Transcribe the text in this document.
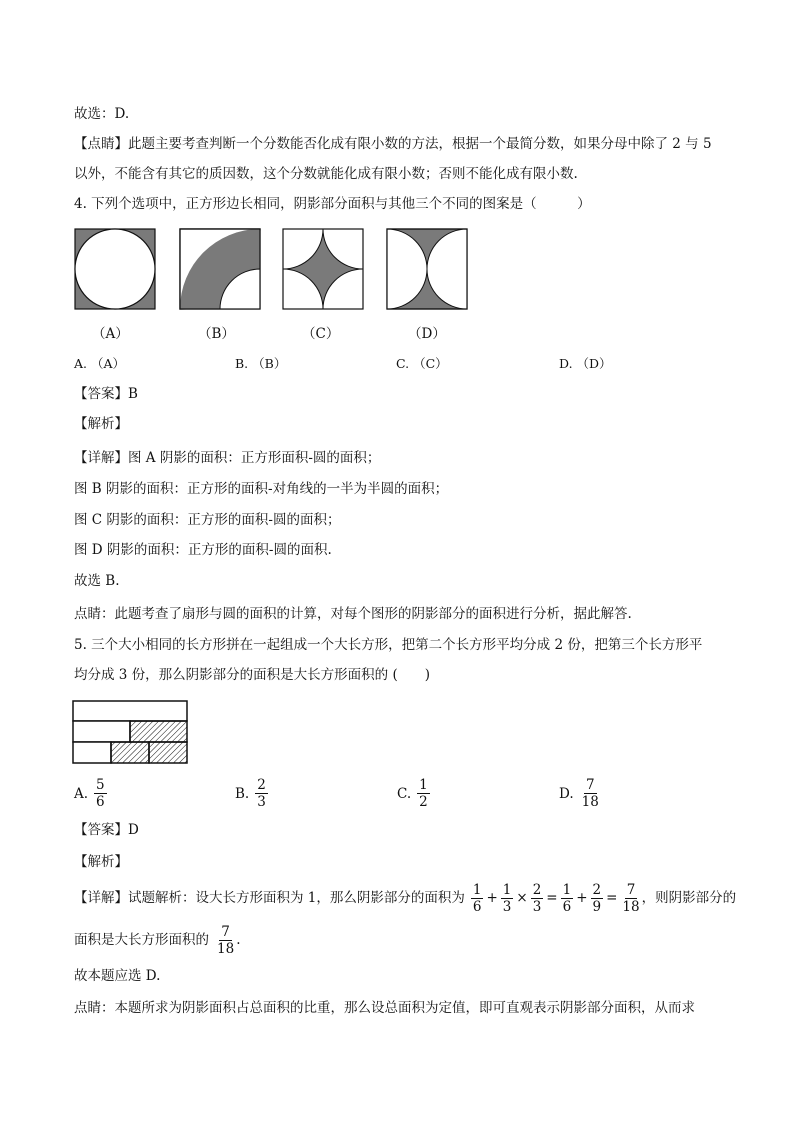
故选：D.
【点睛】此题主要考查判断一个分数能否化成有限小数的方法，根据一个最简分数，如果分母中除了 2 与 5
以外，不能含有其它的质因数，这个分数就能化成有限小数；否则不能化成有限小数.
4. 下列个选项中，正方形边长相同，阴影部分面积与其他三个不同的图案是（　　　）
（A）	（B）	（C）	（D）
A. （A）	B. （B）	C. （C）	D. （D）
【答案】B
【解析】
【详解】图 A 阴影的面积：正方形面积-圆的面积；
图 B 阴影的面积：正方形的面积-对角线的一半为半圆的面积；
图 C 阴影的面积：正方形的面积-圆的面积；
图 D 阴影的面积：正方形的面积-圆的面积.
故选 B.
点睛：此题考查了扇形与圆的面积的计算，对每个图形的阴影部分的面积进行分析，据此解答.
5. 三个大小相同的长方形拼在一起组成一个大长方形，把第二个长方形平均分成 2 份，把第三个长方形平
均分成 3 份，那么阴影部分的面积是大长方形面积的 (　　)
A. $\frac{5}{6}$	B. $\frac{2}{3}$	C. $\frac{1}{2}$	D. $\frac{7}{18}$
【答案】D
【解析】
【详解】试题解析：设大长方形面积为 1，那么阴影部分的面积为 $\frac{1}{6} + \frac{1}{3} \times \frac{2}{3} = \frac{1}{6} + \frac{2}{9} = \frac{7}{18}$ ，则阴影部分的
面积是大长方形面积的 $\frac{7}{18}$ .
故本题应选 D.
点睛：本题所求为阴影面积占总面积的比重，那么设总面积为定值，即可直观表示阴影部分面积，从而求
